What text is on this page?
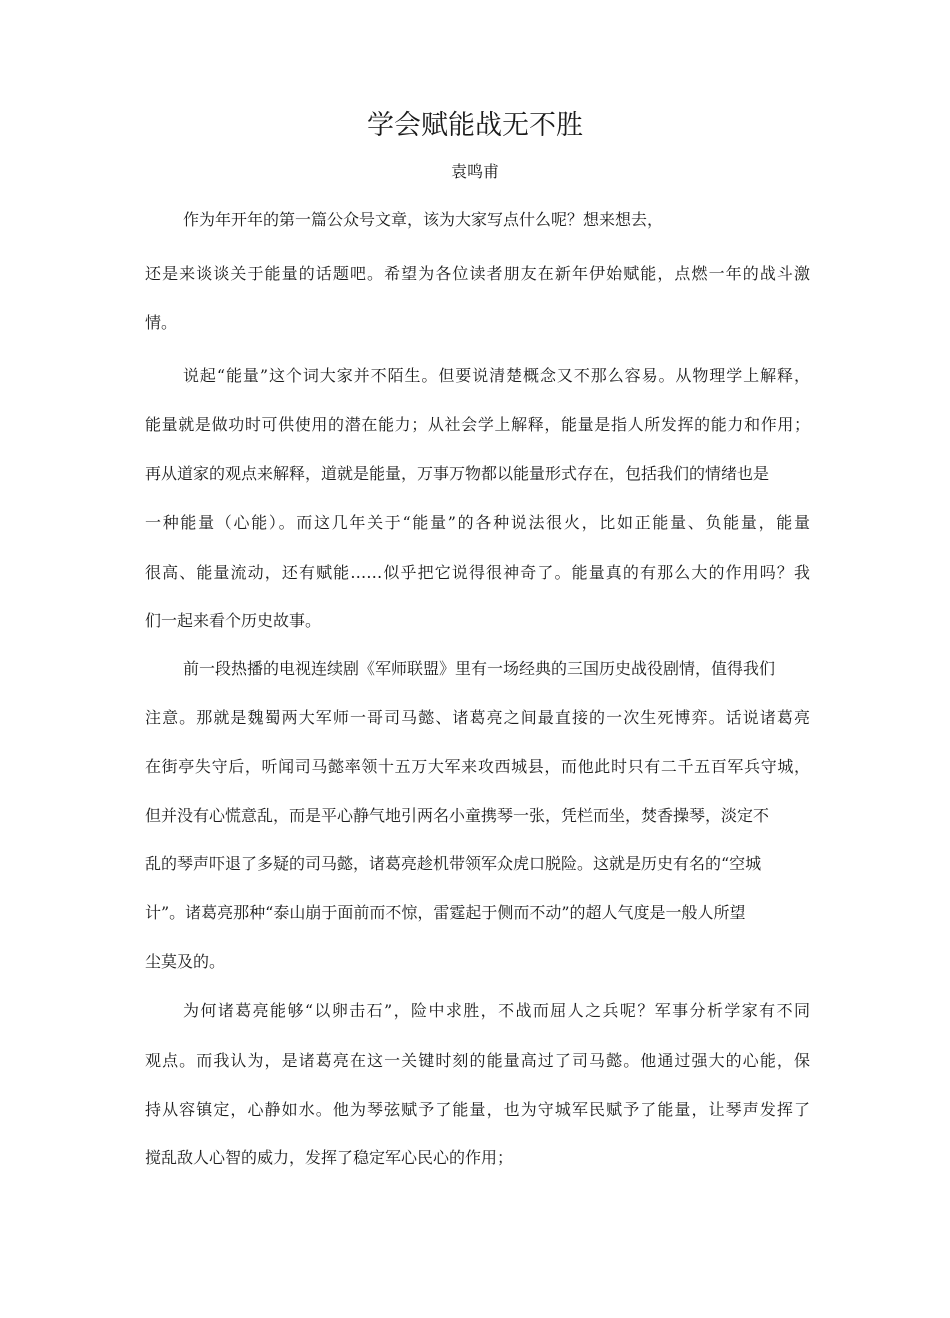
学会赋能战无不胜
袁鸣甫

作为年开年的第一篇公众号文章，该为大家写点什么呢？想来想去，

还是来谈谈关于能量的话题吧。希望为各位读者朋友在新年伊始赋能，点燃一年的战斗激

情。

说起“能量”这个词大家并不陌生。但要说清楚概念又不那么容易。从物理学上解释，

能量就是做功时可供使用的潜在能力；从社会学上解释，能量是指人所发挥的能力和作用；

再从道家的观点来解释，道就是能量，万事万物都以能量形式存在，包括我们的情绪也是

一种能量（心能）。而这几年关于“能量”的各种说法很火，比如正能量、负能量，能量

很高、能量流动，还有赋能……似乎把它说得很神奇了。能量真的有那么大的作用吗？我

们一起来看个历史故事。

前一段热播的电视连续剧《军师联盟》里有一场经典的三国历史战役剧情，值得我们

注意。那就是魏蜀两大军师一哥司马懿、诸葛亮之间最直接的一次生死博弈。话说诸葛亮

在街亭失守后，听闻司马懿率领十五万大军来攻西城县，而他此时只有二千五百军兵守城，

但并没有心慌意乱，而是平心静气地引两名小童携琴一张，凭栏而坐，焚香操琴，淡定不

乱的琴声吓退了多疑的司马懿，诸葛亮趁机带领军众虎口脱险。这就是历史有名的“空城

计”。诸葛亮那种“泰山崩于面前而不惊，雷霆起于侧而不动”的超人气度是一般人所望

尘莫及的。

为何诸葛亮能够“以卵击石”，险中求胜，不战而屈人之兵呢？军事分析学家有不同

观点。而我认为，是诸葛亮在这一关键时刻的能量高过了司马懿。他通过强大的心能，保

持从容镇定，心静如水。他为琴弦赋予了能量，也为守城军民赋予了能量，让琴声发挥了

搅乱敌人心智的威力，发挥了稳定军心民心的作用；
